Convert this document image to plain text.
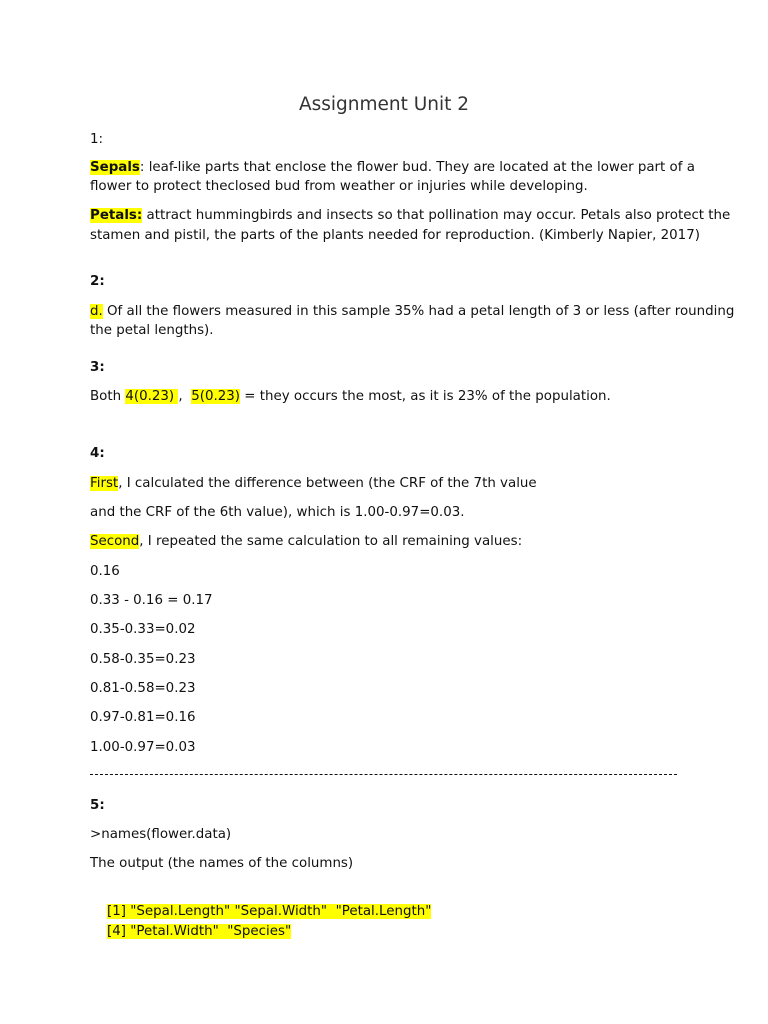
Assignment Unit 2
1:
Sepals: leaf-like parts that enclose the flower bud. They are located at the lower part of a
flower to protect theclosed bud from weather or injuries while developing.
Petals: attract hummingbirds and insects so that pollination may occur. Petals also protect the
stamen and pistil, the parts of the plants needed for reproduction. (Kimberly Napier, 2017)
2:
d. Of all the flowers measured in this sample 35% had a petal length of 3 or less (after rounding
the petal lengths).
3:
Both 4(0.23) ,  5(0.23) = they occurs the most, as it is 23% of the population.
4:
First, I calculated the difference between (the CRF of the 7th value
and the CRF of the 6th value), which is 1.00-0.97=0.03.
Second, I repeated the same calculation to all remaining values:
0.16
0.33 - 0.16 = 0.17
0.35-0.33=0.02
0.58-0.35=0.23
0.81-0.58=0.23
0.97-0.81=0.16
1.00-0.97=0.03
5:
>names(flower.data)
The output (the names of the columns)

[1] "Sepal.Length" "Sepal.Width"  "Petal.Length"

[4] "Petal.Width"  "Species"
